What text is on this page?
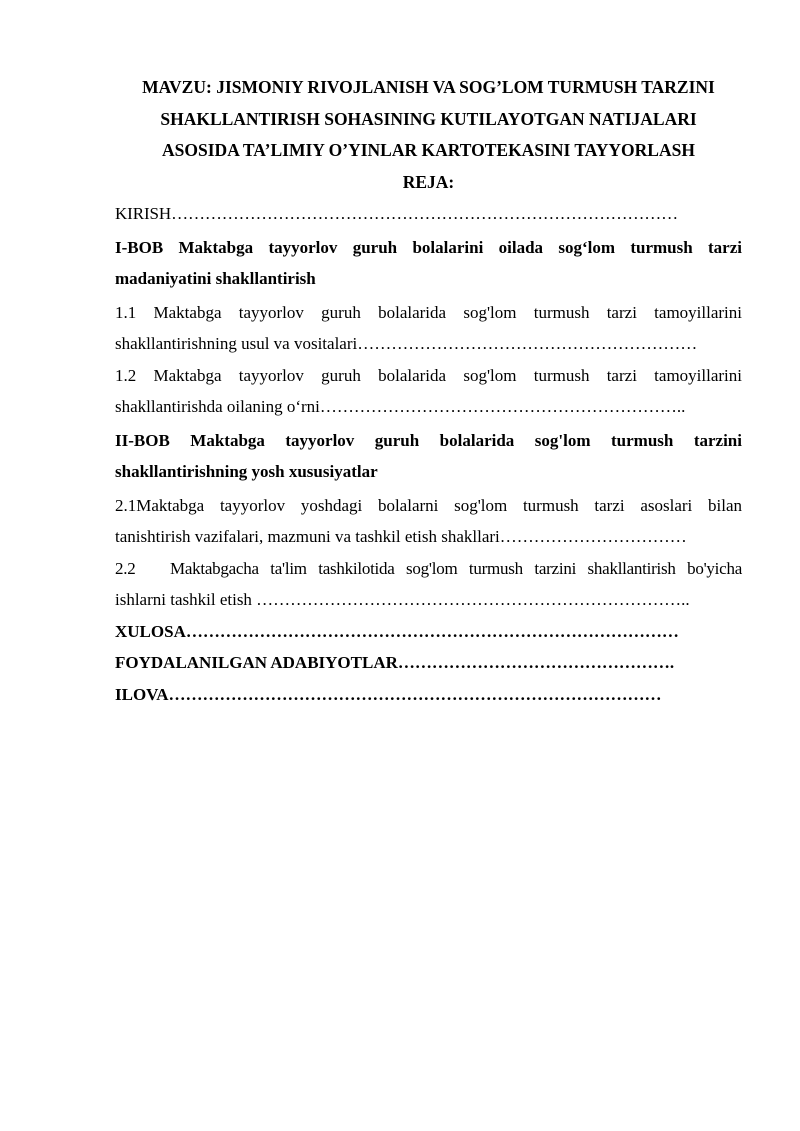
MAVZU: JISMONIY RIVOJLANISH VA SOG’LOM TURMUSH TARZINI
SHAKLLANTIRISH SOHASINING KUTILAYOTGAN NATIJALARI
ASOSIDA TA’LIMIY O’YINLAR KARTOTEKASINI TAYYORLASH
REJA:
KIRISH………………………………………………………………………………
I-BOB Maktabga tayyorlov guruh bolalarini oilada sog‘lom turmush tarzi
madaniyatini shakllantirish
1.1 Maktabga tayyorlov guruh bolalarida sog'lom turmush tarzi tamoyillarini
shakllantirishning usul va vositalari……………………………………………………
1.2 Maktabga tayyorlov guruh bolalarida sog'lom turmush tarzi tamoyillarini
shakllantirishda oilaning o‘rni………………………………………………………..
II-BOB Maktabga tayyorlov guruh bolalarida sog'lom turmush tarzini
shakllantirishning yosh xususiyatlar
2.1Maktabga tayyorlov yoshdagi bolalarni sog'lom turmush tarzi asoslari bilan
tanishtirish vazifalari, mazmuni va tashkil etish shakllari……………………………
2.2   Maktabgacha ta'lim tashkilotida sog'lom turmush tarzini shakllantirish bo'yicha
ishlarni tashkil etish …………………………………………………………………..
XULOSA……………………………………………………………………………
FOYDALANILGAN ADABIYOTLAR………………………………………….
ILOVA……………………………………………………………………………
